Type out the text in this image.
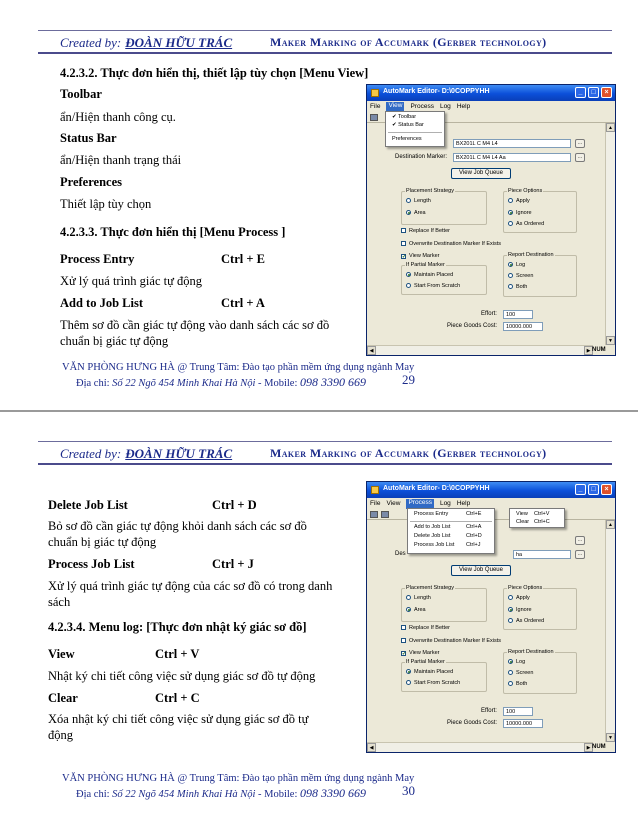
Created by: ĐOÀN HỮU TRÁC	Maker Marking of Accumark (Gerber technology)
4.2.3.2. Thực đơn hiển thị, thiết lập tùy chọn [Menu View]
Toolbar
ẩn/Hiện thanh công cụ.
Status Bar
ẩn/Hiện thanh trạng thái
Preferences
Thiết lập tùy chọn
4.2.3.3. Thực đơn hiển thị [Menu Process ]
Process Entry	Ctrl + E
Xử lý quá trình giác tự động
Add to Job List	Ctrl + A
Thêm sơ đồ cần giác tự động vào danh sách các sơ đồ
chuẩn bị giác tự động
AutoMark Editor- D:\0COPPYHH	_	□	×
File	View	Process Log Help
BX201L C M4 L4	...
Destination Marker:	BX201L C M4 L4 Aa	...
View Job Queue
Placement Strategy
Length
Area
Piece Options
Apply
Ignore
As Ordered
Replace If Better
Overwrite Destination Marker If Exists
✔ View Marker
If Partial Marker
Maintain Placed
Start From Scratch
Report Destination
Log
Screen
Both
Effort:	100
Piece Goods Cost:	10000.000
▲
▼
◀	▶ NUM
✔ Toolbar
✔ Status Bar
Preferences
VĂN PHÒNG HƯNG HÀ @ Trung Tâm: Đào tạo phần mềm ứng dụng ngành May
Địa chỉ: Số 22 Ngõ 454 Minh Khai Hà Nội - Mobile: 098 3390 669	29
Created by: ĐOÀN HỮU TRÁC	Maker Marking of Accumark (Gerber technology)
Delete Job List	Ctrl + D
Bỏ sơ đồ cần giác tự động khỏi danh sách các sơ đồ
chuẩn bị giác tự động
Process Job List	Ctrl + J
Xử lý quá trình giác tự động của các sơ đồ có trong danh
sách
4.2.3.4. Menu log: [Thực đơn nhật ký giác sơ đồ]
View	Ctrl + V
Nhật ký chi tiết công việc sử dụng giác sơ đồ tự động
Clear	Ctrl + C
Xóa nhật ký chi tiết công việc sử dụng giác sơ đồ tự
động
AutoMark Editor- D:\0COPPYHH	_	□	×
File View	Process	Log Help
Des	ha
...
...
View Job Queue
Placement Strategy
Length
Area
Piece Options
Apply
Ignore
As Ordered
Replace If Better
Overwrite Destination Marker If Exists
✔ View Marker
If Partial Marker
Maintain Placed
Start From Scratch
Report Destination
Log
Screen
Both
Effort:	100
Piece Goods Cost:	10000.000
▲
▼
◀	▶ NUM
Process Entry	Ctrl+E
Add to Job List	Ctrl+A
Delete Job List	Ctrl+D
Process Job List Ctrl+J
View Ctrl+V
Clear Ctrl+C
VĂN PHÒNG HƯNG HÀ @ Trung Tâm: Đào tạo phần mềm ứng dụng ngành May
Địa chỉ: Số 22 Ngõ 454 Minh Khai Hà Nội - Mobile: 098 3390 669	30
